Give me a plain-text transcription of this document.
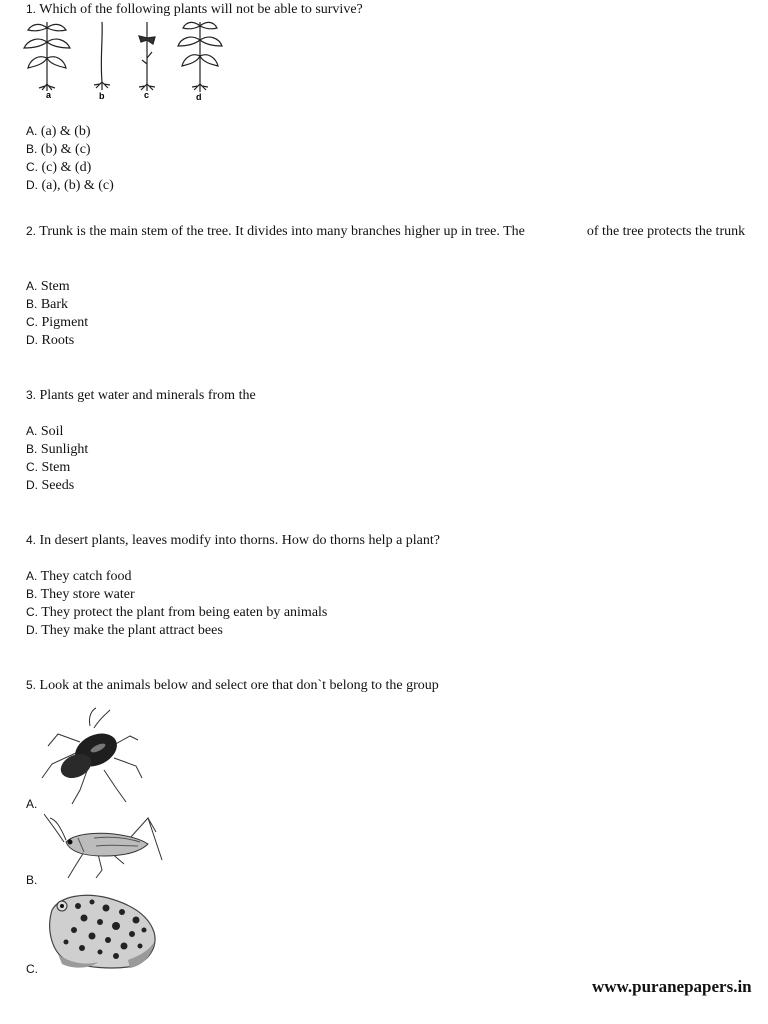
1. Which of the following plants will not be able to survive?
a	b	c	d
A. (a) & (b)
B. (b) & (c)
C. (c) & (d)
D. (a), (b) & (c)
2. Trunk is the main stem of the tree. It divides into many branches higher up in tree. The	of the tree protects the trunk
A. Stem
B. Bark
C. Pigment
D. Roots
3. Plants get water and minerals from the
A. Soil
B. Sunlight
C. Stem
D. Seeds
4. In desert plants, leaves modify into thorns. How do thorns help a plant?
A. They catch food
B. They store water
C. They protect the plant from being eaten by animals
D. They make the plant attract bees
5. Look at the animals below and select ore that don`t belong to the group
A.
B.
C.
www.puranepapers.in
